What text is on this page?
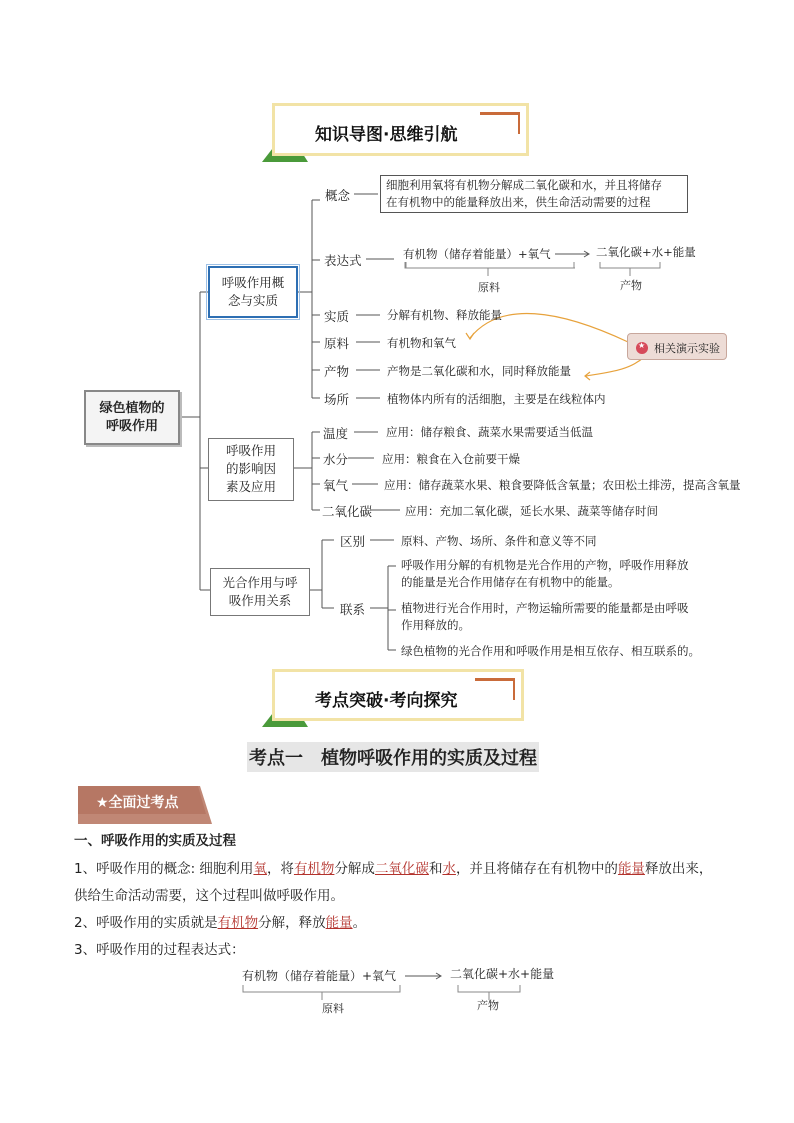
知识导图·思维引航
绿色植物的呼吸作用
呼吸作用概念与实质
概念
细胞利用氧将有机物分解成二氧化碳和水，并且将储存
在有机物中的能量释放出来，供生命活动需要的过程
表达式	有机物（储存着能量）+氧气	二氧化碳+水+能量
原料	产物
实质	分解有机物、释放能量
原料	有机物和氧气
产物	产物是二氧化碳和水，同时释放能量
场所	植物体内所有的活细胞，主要是在线粒体内
★
相关演示实验
呼吸作用
的影响因
素及应用
温度	应用：储存粮食、蔬菜水果需要适当低温
水分	应用：粮食在入仓前要干燥
氧气	应用：储存蔬菜水果、粮食要降低含氧量；农田松土排涝，提高含氧量
二氧化碳	应用：充加二氧化碳，延长水果、蔬菜等储存时间
光合作用与呼
吸作用关系
区别	原料、产物、场所、条件和意义等不同
联系
呼吸作用分解的有机物是光合作用的产物，呼吸作用释放
的能量是光合作用储存在有机物中的能量。
植物进行光合作用时，产物运输所需要的能量都是由呼吸
作用释放的。
绿色植物的光合作用和呼吸作用是相互依存、相互联系的。
考点突破·考向探究
考点一　植物呼吸作用的实质及过程
★全面过考点
一、呼吸作用的实质及过程
1、呼吸作用的概念: 细胞利用氧，将有机物分解成二氧化碳和水，并且将储存在有机物中的能量释放出来，
供给生命活动需要，这个过程叫做呼吸作用。
2、呼吸作用的实质就是有机物分解，释放能量。
3、呼吸作用的过程表达式：
有机物（储存着能量）+氧气	二氧化碳+水+能量
原料	产物
